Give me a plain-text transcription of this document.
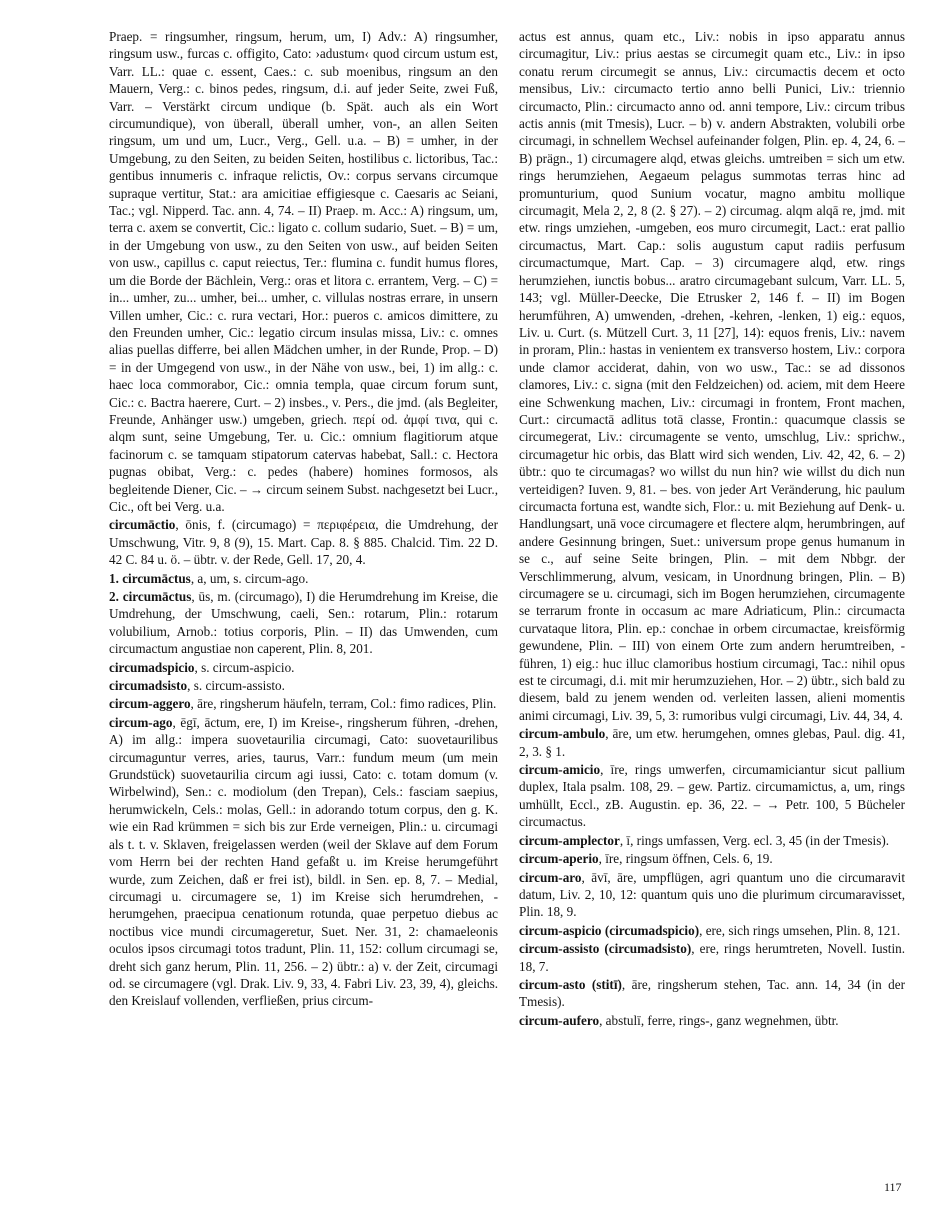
Praep. = ringsumher, ringsum, herum, um, I) Adv.: A) ringsumher, ringsum usw., furcas c. offigito, Cato: ›adustum‹ quod circum ustum est, Varr. LL.: quae c. essent, Caes.: c. sub moenibus, ringsum an den Mauern, Verg.: c. binos pedes, ringsum, d.i. auf jeder Seite, zwei Fuß, Varr. – Verstärkt circum undique (b. Spät. auch als ein Wort circumundique), von überall, überall umher, von-, an allen Seiten ringsum, um und um, Lucr., Verg., Gell. u.a. – B) = umher, in der Umgebung, zu den Seiten, zu beiden Seiten, hostilibus c. lictoribus, Tac.: gentibus innumeris c. infraque relictis, Ov.: corpus servans circumque supraque vertitur, Stat.: ara amicitiae effigiesque c. Caesaris ac Seiani, Tac.; vgl. Nipperd. Tac. ann. 4, 74. – II) Praep. m. Acc.: A) ringsum, um, terra c. axem se convertit, Cic.: ligato c. collum sudario, Suet. – B) = um, in der Umgebung von usw., zu den Seiten von usw., auf beiden Seiten von usw., capillus c. caput reiectus, Ter.: flumina c. fundit humus flores, um die Borde der Bächlein, Verg.: oras et litora c. errantem, Verg. – C) = in... umher, zu... umher, bei... umher, c. villulas nostras errare, in unsern Villen umher, Cic.: c. rura vectari, Hor.: pueros c. amicos dimittere, zu den Freunden umher, Cic.: legatio circum insulas missa, Liv.: c. omnes alias puellas differre, bei allen Mädchen umher, in der Runde, Prop. – D) = in der Umgegend von usw., in der Nähe von usw., bei, 1) im allg.: c. haec loca commorabor, Cic.: omnia templa, quae circum forum sunt, Cic.: c. Bactra haerere, Curt. – 2) insbes., v. Pers., die jmd. (als Begleiter, Freunde, Anhänger usw.) umgeben, griech. περί od. ἀμφί τινα, qui c. alqm sunt, seine Umgebung, Ter. u. Cic.: omnium flagitiorum atque facinorum c. se tamquam stipatorum catervas habebat, Sall.: c. Hectora pugnas obibat, Verg.: c. pedes (habere) homines formosos, als begleitende Diener, Cic. – → circum seinem Subst. nachgesetzt bei Lucr., Cic., oft bei Verg. u.a.

circumāctio, ōnis, f. (circumago) = περιφέρεια, die Umdrehung, der Umschwung, Vitr. 9, 8 (9), 15. Mart. Cap. 8. § 885. Chalcid. Tim. 22 D. 42 C. 84 u. ö. – übtr. v. der Rede, Gell. 17, 20, 4.

1. circumāctus, a, um, s. circum-ago.

2. circumāctus, ūs, m. (circumago), I) die Herumdrehung im Kreise, die Umdrehung, der Umschwung, caeli, Sen.: rotarum, Plin.: rotarum volubilium, Arnob.: totius corporis, Plin. – II) das Umwenden, cum circumactum angustiae non caperent, Plin. 8, 201.

circumadspicio, s. circum-aspicio.

circumadsisto, s. circum-assisto.

circum-aggero, āre, ringsherum häufeln, terram, Col.: fimo radices, Plin.

circum-ago, ēgī, āctum, ere, I) im Kreise-, ringsherum führen, -drehen, A) im allg.: impera suovetaurilia circumagi, Cato: suovetaurilibus circumaguntur verres, aries, taurus, Varr.: fundum meum (um mein Grundstück) suovetaurilia circum agi iussi, Cato: c. totam domum (v. Wirbelwind), Sen.: c. modiolum (den Trepan), Cels.: fasciam saepius, herumwickeln, Cels.: molas, Gell.: in adorando totum corpus, den g. K. wie ein Rad krümmen = sich bis zur Erde verneigen, Plin.: u. circumagi als t. t. v. Sklaven, freigelassen werden (weil der Sklave auf dem Forum vom Herrn bei der rechten Hand gefaßt u. im Kreise herumgeführt wurde, zum Zeichen, daß er frei ist), bildl. in Sen. ep. 8, 7. – Medial, circumagi u. circumagere se, 1) im Kreise sich herumdrehen, -herumgehen, praecipua cenationum rotunda, quae perpetuo diebus ac noctibus vice mundi circumageretur, Suet. Ner. 31, 2: chamaeleonis oculos ipsos circumagi totos tradunt, Plin. 11, 152: collum circumagi se, dreht sich ganz herum, Plin. 11, 256. – 2) übtr.: a) v. der Zeit, circumagi od. se circumagere (vgl. Drak. Liv. 9, 33, 4. Fabri Liv. 23, 39, 4), gleichs. den Kreislauf vollenden, verfließen, prius circum-

actus est annus, quam etc., Liv.: nobis in ipso apparatu annus circumagitur, Liv.: prius aestas se circumegit quam etc., Liv.: in ipso conatu rerum circumegit se annus, Liv.: circumactis decem et octo mensibus, Liv.: circumacto tertio anno belli Punici, Liv.: triennio circumacto, Plin.: circumacto anno od. anni tempore, Liv.: circum tribus actis annis (mit Tmesis), Lucr. – b) v. andern Abstrakten, volubili orbe circumagi, in schnellem Wechsel aufeinander folgen, Plin. ep. 4, 24, 6. – B) prägn., 1) circumagere alqd, etwas gleichs. umtreiben = sich um etw. rings herumziehen, Aegaeum pelagus summotas terras hinc ad promunturium, quod Sunium vocatur, magno ambitu mollique circumagit, Mela 2, 2, 8 (2. § 27). – 2) circumag. alqm alqā re, jmd. mit etw. rings umziehen, -umgeben, eos muro circumegit, Lact.: erat pallio circumactus, Mart. Cap.: solis augustum caput radiis perfusum circumactumque, Mart. Cap. – 3) circumagere alqd, etw. rings herumziehen, iunctis bobus... aratro circumagebant sulcum, Varr. LL. 5, 143; vgl. Müller-Deecke, Die Etrusker 2, 146 f. – II) im Bogen herumführen, A) umwenden, -drehen, -kehren, -lenken, 1) eig.: equos, Liv. u. Curt. (s. Mützell Curt. 3, 11 [27], 14): equos frenis, Liv.: navem in proram, Plin.: hastas in venientem ex transverso hostem, Liv.: corpora unde clamor acciderat, dahin, von wo usw., Tac.: se ad dissonos clamores, Liv.: c. signa (mit den Feldzeichen) od. aciem, mit dem Heere eine Schwenkung machen, Liv.: circumagi in frontem, Front machen, Curt.: circumactā adlitus totā classe, Frontin.: quacumque classis se circumegerat, Liv.: circumagente se vento, umschlug, Liv.: sprichw., circumagetur hic orbis, das Blatt wird sich wenden, Liv. 42, 42, 6. – 2) übtr.: quo te circumagas? wo willst du nun hin? wie willst du dich nun verteidigen? Iuven. 9, 81. – bes. von jeder Art Veränderung, hic paulum circumacta fortuna est, wandte sich, Flor.: u. mit Beziehung auf Denk- u. Handlungsart, unā voce circumagere et flectere alqm, herumbringen, auf andere Gesinnung bringen, Suet.: universum prope genus humanum in se c., auf seine Seite bringen, Plin. – mit dem Nbbgr. der Verschlimmerung, alvum, vesicam, in Unordnung bringen, Plin. – B) circumagere se u. circumagi, sich im Bogen herumziehen, circumagente se terrarum fronte in occasum ac mare Adriaticum, Plin.: circumacta curvataque litora, Plin. ep.: conchae in orbem circumactae, kreisförmig gewundene, Plin. – III) von einem Orte zum andern herumtreiben, -führen, 1) eig.: huc illuc clamoribus hostium circumagi, Tac.: nihil opus est te circumagi, d.i. mit mir herumzuziehen, Hor. – 2) übtr., sich bald zu diesem, bald zu jenem wenden od. verleiten lassen, alieni momentis animi circumagi, Liv. 39, 5, 3: rumoribus vulgi circumagi, Liv. 44, 34, 4.

circum-ambulo, āre, um etw. herumgehen, omnes glebas, Paul. dig. 41, 2, 3. § 1.

circum-amicio, īre, rings umwerfen, circumamiciantur sicut pallium duplex, Itala psalm. 108, 29. – gew. Partiz. circumamictus, a, um, rings umhüllt, Eccl., zB. Augustin. ep. 36, 22. – → Petr. 100, 5 Bücheler circumactus.

circum-amplector, ī, rings umfassen, Verg. ecl. 3, 45 (in der Tmesis).

circum-aperio, īre, ringsum öffnen, Cels. 6, 19.

circum-aro, āvī, āre, umpflügen, agri quantum uno die circumaravit datum, Liv. 2, 10, 12: quantum quis uno die plurimum circumaravisset, Plin. 18, 9.

circum-aspicio (circumadspicio), ere, sich rings umsehen, Plin. 8, 121.

circum-assisto (circumadsisto), ere, rings herumtreten, Novell. Iustin. 18, 7.

circum-asto (stitī), āre, ringsherum stehen, Tac. ann. 14, 34 (in der Tmesis).

circum-aufero, abstulī, ferre, rings-, ganz wegnehmen, übtr.

117
